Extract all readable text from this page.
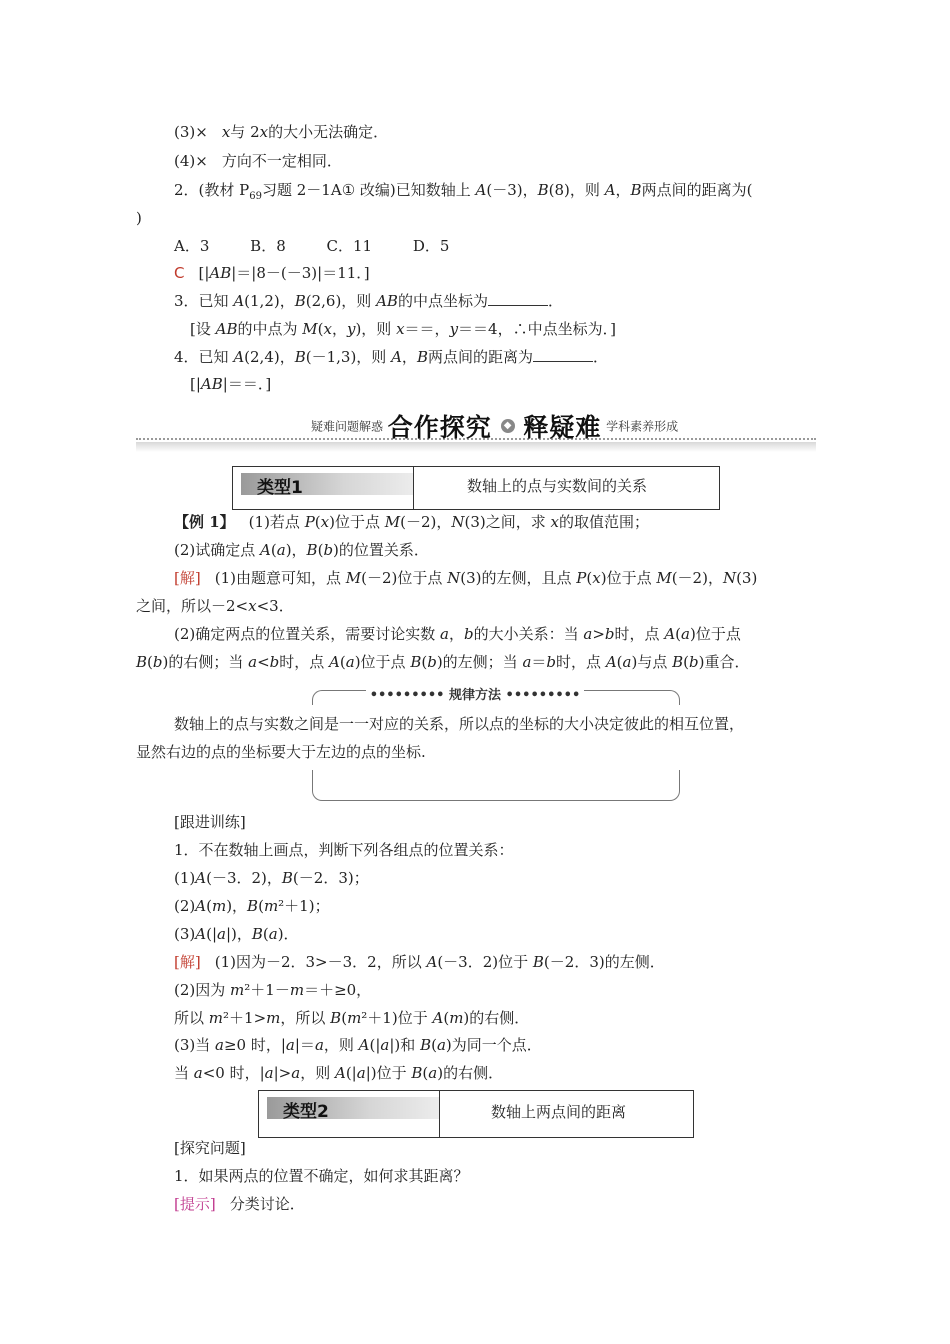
(3)× x与 2x的大小无法确定．
(4)× 方向不一定相同．
2．(教材 $P_{69}$习题 2－1A① 改编)已知数轴上 A(－3)，B(8)，则 A，B两点间的距离为(
)
A．3	B．8	C．11	D．5
C [|AB|＝|8－(－3)|＝11．]
3．已知 A(1,2)，B(2,6)，则 AB的中点坐标为	．
[设 AB的中点为 M(x，y)，则 x＝＝，y＝＝4，∴中点坐标为．]
4．已知 A(2,4)，B(－1,3)，则 A，B两点间的距离为	．
[|AB|＝＝．]
疑难问题解惑 合作探究 ◆ 释疑难 学科素养形成
类型1	数轴上的点与实数间的关系
【例 1】 (1)若点 P(x)位于点 M(－2)，N(3)之间，求 x的取值范围；
(2)试确定点 A(a)，B(b)的位置关系．
[解] (1)由题意可知，点 M(－2)位于点 N(3)的左侧，且点 P(x)位于点 M(－2)，N(3)
之间，所以－2<x<3．
(2)确定两点的位置关系，需要讨论实数 a，b的大小关系：当 a>b时，点 A(a)位于点
B(b)的右侧；当 a<b时，点 A(a)位于点 B(b)的左侧；当 a＝b时，点 A(a)与点 B(b)重合．
••••••••• 规律方法 •••••••••
数轴上的点与实数之间是一一对应的关系，所以点的坐标的大小决定彼此的相互位置，
显然右边的点的坐标要大于左边的点的坐标.
[跟进训练]
1．不在数轴上画点，判断下列各组点的位置关系：
(1)A(－3．2)，B(－2．3)；
(2)A(m)，B(m²＋1)；
(3)A(|a|)，B(a)．
[解] (1)因为－2．3>－3．2，所以 A(－3．2)位于 B(－2．3)的左侧．
(2)因为 m²＋1－m＝＋≥0，
所以 m²＋1>m，所以 B(m²＋1)位于 A(m)的右侧．
(3)当 a≥0 时，|a|＝a，则 A(|a|)和 B(a)为同一个点．
当 a<0 时，|a|>a，则 A(|a|)位于 B(a)的右侧．
类型2	数轴上两点间的距离
[探究问题]
1．如果两点的位置不确定，如何求其距离？
[提示] 分类讨论．
